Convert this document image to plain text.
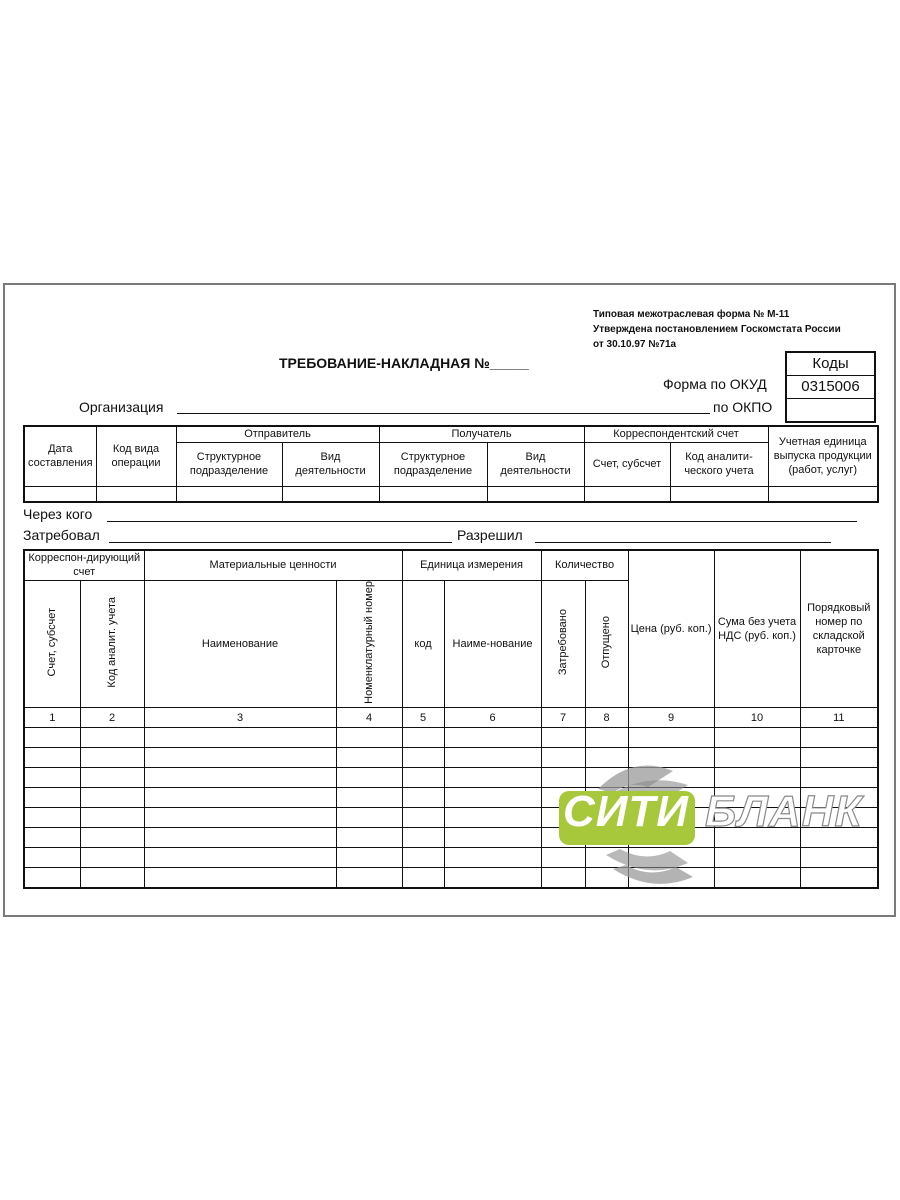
Типовая межотраслевая форма № М-11
Утверждена постановлением Госкомстата России
от 30.10.97 №71а
ТРЕБОВАНИЕ-НАКЛАДНАЯ №_____	Коды
0315006
Форма по ОКУД
Организация	по ОКПО
Дата составления	Код вида операции	Отправитель		Получатель		Корреспондентский счет		Учетная единица выпуска продукции (работ, услуг)
		Структурное подразделение	Вид деятельности	Структурное подразделение	Вид деятельности	Счет, субсчет	Код аналити-ческого учета	

Через кого
Затребовал	Разрешил
Корреспон-дирующий счет		Материальные ценности		Единица измерения		Количество		Цена (руб. коп.)	Сума без учета НДС (руб. коп.)	Порядковый номер по складской карточке
Счет, субсчет	Код аналит. учета	Наименование	Номенклатурный номер	код	Наиме-нование	Затребовано	Отпущено			
1	2	3	4	5	6	7	8	9	10	11

СИТИ БЛАНК
